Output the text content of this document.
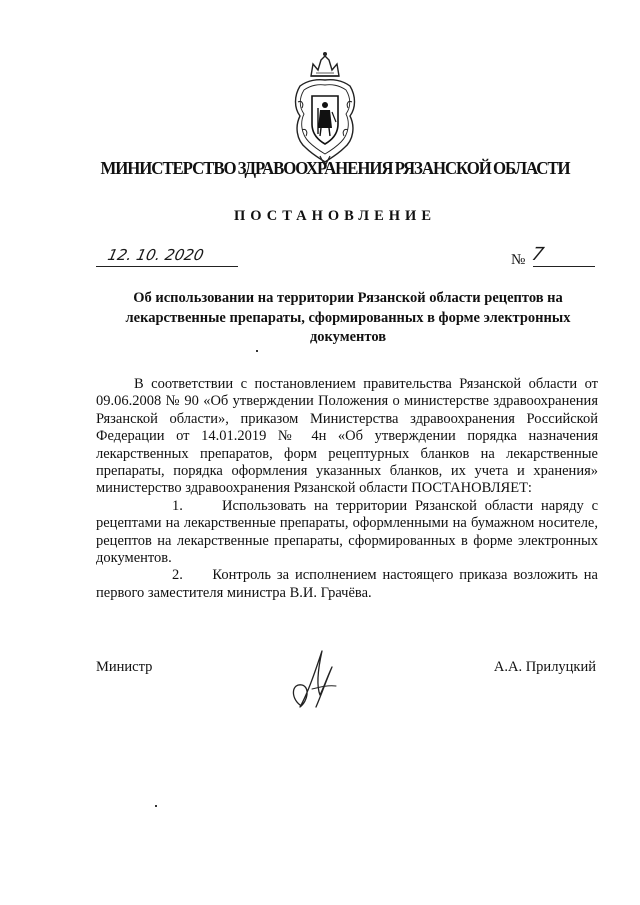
МИНИСТЕРСТВО ЗДРАВООХРАНЕНИЯ РЯЗАНСКОЙ ОБЛАСТИ
ПОСТАНОВЛЕНИЕ
12. 10. 2020	№ 7
Об использовании на территории Рязанской области рецептов на лекарственные препараты, сформированных в форме электронных документов

В соответствии с постановлением правительства Рязанской области от 09.06.2008 № 90 «Об утверждении Положения о министерстве здравоохранения Рязанской области», приказом Министерства здравоохранения Российской Федерации от 14.01.2019 № 4н «Об утверждении порядка назначения лекарственных препаратов, форм рецептурных бланков на лекарственные препараты, порядка оформления указанных бланков, их учета и хранения» министерство здравоохранения Рязанской области ПОСТАНОВЛЯЕТ:

1.	Использовать на территории Рязанской области наряду с рецептами на лекарственные препараты, оформленными на бумажном носителе, рецептов на лекарственные препараты, сформированных в форме электронных документов.

2. Контроль за исполнением настоящего приказа возложить на первого заместителя министра В.И. Грачёва.

Министр	А.А. Прилуцкий
